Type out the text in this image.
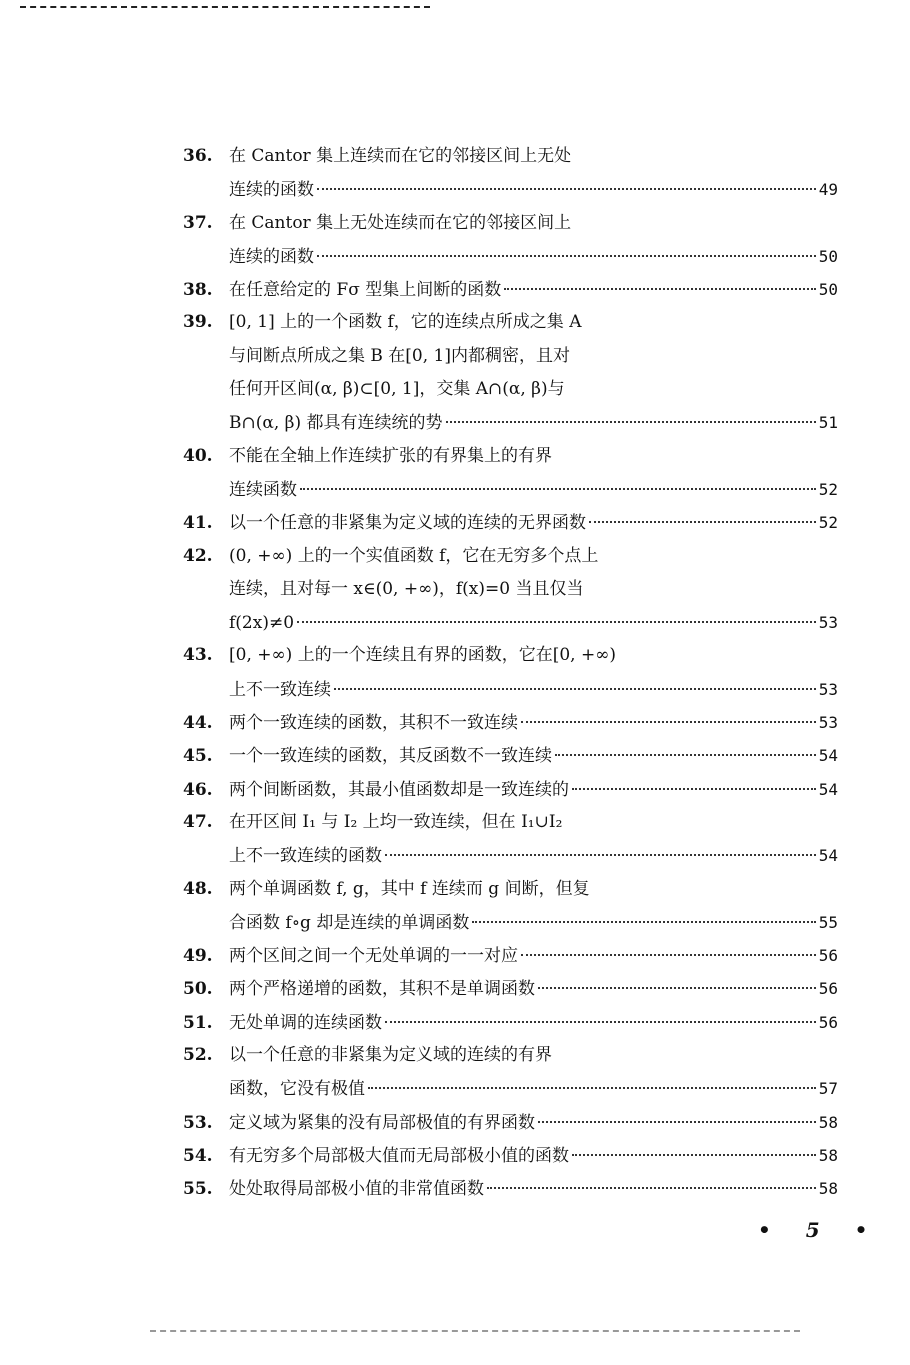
36. 在 Cantor 集上连续而在它的邻接区间上无处
连续的函数	49
37. 在 Cantor 集上无处连续而在它的邻接区间上
连续的函数	50
38. 在任意给定的 Fσ 型集上间断的函数	50
39. [0, 1] 上的一个函数 f，它的连续点所成之集 A
与间断点所成之集 B 在[0, 1]内都稠密，且对
任何开区间(α, β)⊂[0, 1]，交集 A∩(α, β)与
B∩(α, β) 都具有连续统的势	51
40. 不能在全轴上作连续扩张的有界集上的有界
连续函数	52
41. 以一个任意的非紧集为定义域的连续的无界函数	52
42. (0, +∞) 上的一个实值函数 f，它在无穷多个点上
连续，且对每一 x∈(0, +∞)，f(x)=0 当且仅当
f(2x)≠0	53
43. [0, +∞) 上的一个连续且有界的函数，它在[0, +∞)
上不一致连续	53
44. 两个一致连续的函数，其积不一致连续	53
45. 一个一致连续的函数，其反函数不一致连续	54
46. 两个间断函数，其最小值函数却是一致连续的	54
47. 在开区间 I₁ 与 I₂ 上均一致连续，但在 I₁∪I₂
上不一致连续的函数	54
48. 两个单调函数 f, g，其中 f 连续而 g 间断，但复
合函数 f∘g 却是连续的单调函数	55
49. 两个区间之间一个无处单调的一一对应	56
50. 两个严格递增的函数，其积不是单调函数	56
51. 无处单调的连续函数	56
52. 以一个任意的非紧集为定义域的连续的有界
函数，它没有极值	57
53. 定义域为紧集的没有局部极值的有界函数	58
54. 有无穷多个局部极大值而无局部极小值的函数	58
55. 处处取得局部极小值的非常值函数	58
• 5 •
